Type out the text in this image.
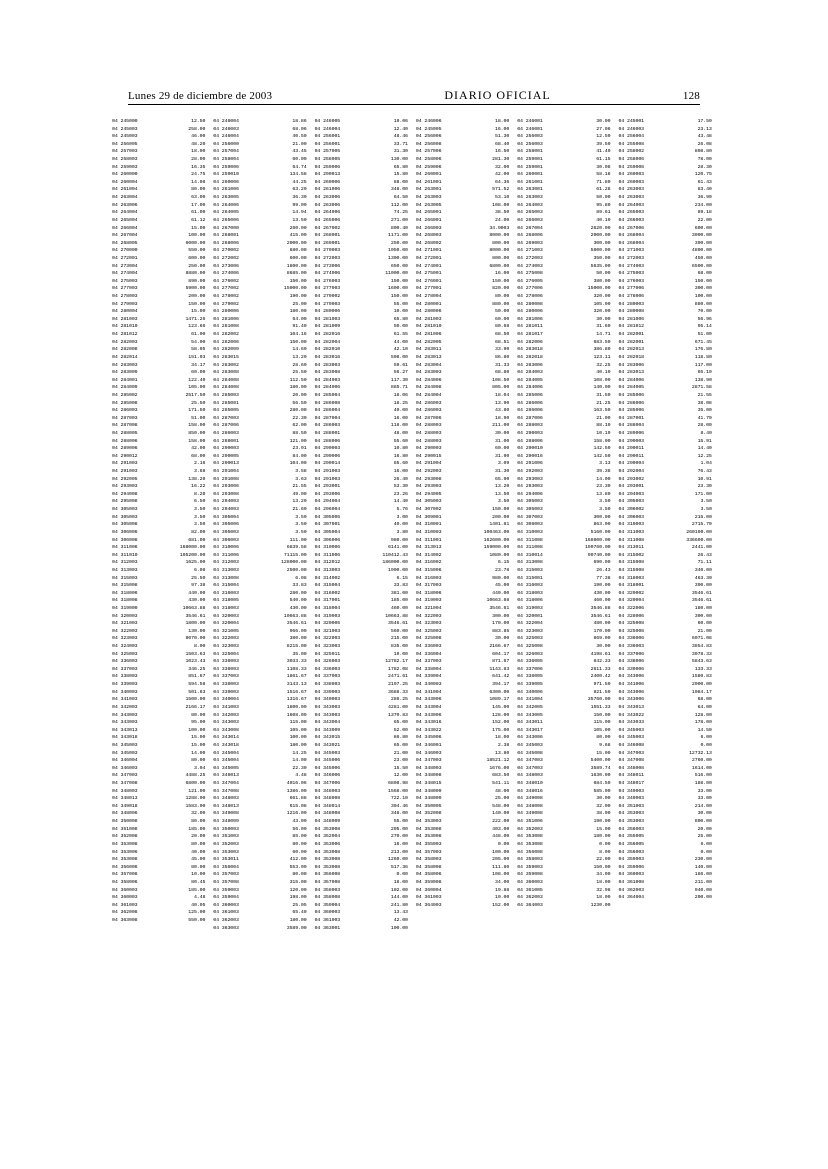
Lunes 29 de diciembre de 2003	DIARIO OFICIAL	128
04 245000	12.50
04 245003	258.00
04 245003	46.00
04 256005	48.20
04 257003	18.00
04 258003	28.00
04 259003	16.35
04 260000	24.75
04 260004	14.08
04 261004	80.00
04 263004	63.00
04 263006	17.00
04 264004	61.00
04 265004	61.12
04 266004	15.00
04 267004	100.00
04 268005	6000.00
04 270000	550.00
04 272001	600.00
04 273004	250.00
04 274004	8880.00
04 275003	890.00
04 277003	5900.00
04 278003	200.00
04 279003	150.00
04 280004	15.00
04 281003	1471.26
04 281010	123.66
04 281012	61.00
04 282003	54.00
04 282008	58.05
04 282014	151.03
04 283003	34.17
04 283009	60.00
04 284001	122.40
04 284009	105.00
04 285002	2517.50
04 285008	25.50
04 286003	171.50
04 287003	51.00
04 287008	158.00
04 288005	850.00
04 288006	158.00
04 289006	42.00
04 290012	68.00
04 291003	2.16
04 291003	3.68
04 292005	138.20
04 293003	16.22
04 294008	8.20
04 295008	6.50
04 305003	3.50
04 305003	3.50
04 305008	3.50
04 306006	82.00
04 306008	681.00
04 311006	168000.00
04 311010	105200.00
04 312003	1625.00
04 313003	6.08
04 315003	25.50
04 315008	97.38
04 318006	440.00
04 318008	430.00
04 319000	10663.88
04 320003	3546.61
04 321003	1800.00
04 322003	130.00
04 323003	8070.00
04 324003	8.00
04 325003	1503.63
04 336003	1023.43
04 337003	346.25
04 338003	851.67
04 339003	594.58
04 340003	501.63
04 341003	1500.00
04 342003	2166.17
04 343003	80.00
04 343003	95.00
04 343013	100.00
04 343018	15.00
04 345003	15.00
04 345003	14.00
04 346004	80.00
04 346003	3.04
04 347003	4488.25
04 347008	6800.00
04 348003	121.00
04 348013	1288.00
04 349018	1583.00
04 348006	32.00
04 350008	80.00
04 351008	185.00
04 352008	20.00
04 353008	80.00
04 353006	40.00
04 353008	45.00
04 356006	80.00
04 357008	10.00
04 358006	80.45
04 360003	185.00
04 360003	4.48
04 361003	40.05
04 362008	125.00
04 363008	550.00
04 246004	18.86
04 246003	68.06
04 246004	40.50
04 256000	21.00
04 257004	43.45
04 258004	60.00
04 259006	64.74
04 259010	134.58
04 260006	44.25
04 261006	63.20
04 263005	36.30
04 264006	99.00
04 264005	14.94
04 265006	13.50
04 267000	260.00
04 268001	415.00
04 268006	2000.00
04 270002	680.00
04 272002	600.00
04 273006	1800.00
04 274006	8685.00
04 276002	150.00
04 277002	15000.00
04 278002	190.00
04 279002	25.00
04 280006	180.00
04 281006	64.00
04 281008	91.40
04 282002	104.16
04 282006	150.00
04 282009	14.60
04 283015	13.20
04 283002	28.60
04 283008	25.50
04 284008	112.50
04 284008	180.00
04 285003	20.00
04 285001	56.50
04 285005	280.00
04 287003	22.30
04 287006	62.00
04 286003	88.50
04 288001	121.00
04 290003	23.91
04 290005	84.00
04 290013	104.00
04 291004	3.58
04 291008	3.63
04 293006	21.55
04 293008	49.00
04 294003	13.20
04 294003	21.60
04 305004	3.50
04 305006	3.50
04 305003	3.50
04 306003	111.00
04 310006	6839.58
04 311006	71115.00
04 312003	128000.00
04 313003	2500.00
04 313008	6.08
04 315004	33.83
04 316003	280.00
04 318005	540.00
04 318003	430.00
04 320003	10663.88
04 320004	3546.61
04 321005	966.00
04 322003	380.00
04 323003	8215.00
04 325004	35.00
04 336003	3033.33
04 336003	1108.33
04 337003	1861.67
04 338003	3143.13
04 339003	1516.67
04 340004	1316.67
04 341003	1800.00
04 342003	1608.09
04 343003	115.00
04 343008	105.00
04 343014	100.00
04 343018	180.00
04 345004	14.25
04 345004	14.00
04 345005	22.30
04 346013	4.48
04 347004	4016.06
04 347008	1386.00
04 348003	661.88
04 348013	615.08
04 349008	1216.00
04 348009	43.00
04 350003	56.00
04 351003	85.00
04 352003	80.00
04 353003	60.00
04 353011	412.00
04 356004	553.00
04 357003	80.00
04 357008	315.00
04 359003	120.00
04 359004	198.00
04 360003	25.05
04 361003	65.40
04 362003	180.00
04 363003	3589.00
04 246005	19.06
04 246004	12.40
04 256001	48.46
04 256001	33.71
04 257005	31.30
04 258005	130.00
04 259006	65.80
04 290013	15.80
04 260006	88.00
04 261006	348.00
04 263006	64.50
04 263006	112.00
04 264006	74.25
04 265006	271.00
04 267002	800.40
04 268001	1171.00
04 269001	250.00
04 270003	1050.00
04 272003	1300.00
04 273006	650.00
04 274006	11000.00
04 276003	150.00
04 277003	1600.00
04 279002	150.00
04 279003	55.00
04 280006	10.00
04 281003	65.80
04 281009	50.00
04 282016	61.55
04 282004	44.00
04 282010	42.10
04 283016	508.00
04 283003	59.61
04 283008	56.27
04 284003	117.30
04 284006	885.71
04 285004	18.06
04 286008	18.25
04 286004	40.00
04 287004	16.00
04 286003	118.00
04 288001	48.00
04 288006	55.60
04 290003	10.80
04 290006	16.80
04 290014	85.60
04 291003	16.00
04 291003	26.40
04 293001	53.30
04 293006	23.26
04 294004	14.40
04 296004	5.76
04 305005	3.00
04 307001	40.00
04 305004	3.80
04 306006	980.00
04 310006	6141.00
04 311006	110412.43
04 312012	186000.00
04 313003	1900.00
04 314002	6.15
04 315004	33.83
04 316002	381.00
04 317001	185.00
04 318004	460.00
04 319003	10663.88
04 320005	3546.61
04 321003	560.00
04 322003	215.00
04 323003	835.00
04 325011	19.00
04 326003	12782.17
04 336003	1782.08
04 337003	2471.61
04 338003	2197.25
04 339003	3688.33
04 340003	286.25
04 343003	4281.00
04 343003	1370.83
04 343004	65.00
04 343009	52.00
04 343015	86.80
04 343021	65.00
04 345003	21.00
04 345006	23.00
04 345006	15.50
04 346006	12.00
04 347006	6808.98
04 348003	1568.00
04 348008	722.10
04 348014	304.46
04 348008	348.00
04 348009	55.00
04 353008	205.00
04 352004	270.00
04 353006	16.00
04 353008	213.00
04 353008	1260.00
04 353008	517.36
04 356008	0.00
04 357008	18.00
04 358003	102.00
04 358008	144.00
04 359004	241.80
04 360003	13.43
04 361003	42.00
04 363001	100.00
04 246006	18.00
04 245005	16.00
04 256006	51.30
04 256008	68.40
04 257006	16.50
04 258006	281.30
04 259006	32.00
04 260001	42.00
04 261001	64.36
04 263001	571.52
04 263003	53.10
04 263005	108.00
04 265001	38.50
04 266001	24.00
04 266003	34.9003
04 268003	8000.00
04 268002	800.00
04 271001	8000.00
04 272001	800.00
04 274001	6800.00
04 275001	16.00
04 276001	150.00
04 277001	820.00
04 278004	80.00
04 280001	880.00
04 280006	50.00
04 281003	60.00
04 281010	80.68
04 281006	68.50
04 282005	68.51
04 283011	33.90
04 283013	86.80
04 283004	31.33
04 283003	68.80
04 284006	108.50
04 284008	805.00
04 284004	18.04
04 286003	13.90
04 286003	43.80
04 287006	18.90
04 288003	211.00
04 288003	30.00
04 288003	31.00
04 290003	60.00
04 290015	31.90
04 291004	3.09
04 292003	31.30
04 293008	65.90
04 293003	13.20
04 294005	13.50
04 305003	3.50
04 307002	150.00
04 309001	200.00
04 310001	1401.81
04 310003	100463.00
04 311001	162600.00
04 313013	159000.00
04 314002	1080.00
04 316002	6.15
04 315006	23.78
04 316003	980.00
04 317003	45.00
04 318006	440.00
04 319003	10663.88
04 321004	3546.61
04 322003	300.00
04 323003	170.00
04 325003	883.85
04 325008	30.00
04 336003	2166.67
04 336004	604.17
04 337003	871.67
04 338004	1143.83
04 339004	641.42
04 340003	394.17
04 341004	6300.00
04 343006	1089.17
04 343004	145.00
04 343006	128.00
04 343016	152.00
04 343022	175.00
04 345006	18.00
04 346001	2.38
04 346003	13.80
04 347003	18521.12
04 348003	1676.00
04 348008	683.50
04 348015	541.11
04 348009	48.00
04 348009	25.00
04 350005	548.00
04 352008	140.00
04 353003	222.00
04 353008	403.00
04 353008	448.00
04 355003	0.00
04 357003	100.00
04 358003	205.00
04 358008	111.80
04 358006	108.00
04 359008	34.00
04 360004	19.88
04 361003	10.00
04 364003	152.00
04 246001	30.00
04 246001	27.06
04 256003	12.50
04 256003	39.50
04 258001	41.40
04 259001	61.15
04 259001	30.08
04 260001	58.16
04 261001	71.80
04 263001	61.28
04 263003	50.00
04 264003	95.80
04 265003	89.61
04 266003	40.10
04 267004	2620.00
04 268006	2000.00
04 269003	300.00
04 271003	5800.00
04 272003	350.00
04 274003	5635.00
04 275008	50.00
04 276005	380.00
04 277006	15000.00
04 278006	320.00
04 280008	105.00
04 280006	320.00
04 281006	30.00
04 281011	31.60
04 281017	14.71
04 282006	683.50
04 283018	386.80
04 282018	123.11
04 283006	32.25
04 284003	40.10
04 284005	108.00
04 284006	140.00
04 285006	31.50
04 286006	21.25
04 286006	163.50
04 287006	21.00
04 288003	88.10
04 290003	10.19
04 288006	158.00
04 290010	142.50
04 290016	142.50
04 291006	3.13
04 292003	39.38
04 293003	14.00
04 293003	23.30
04 294006	13.80
04 305003	3.50
04 305003	3.50
04 307003	300.00
04 308003	863.00
04 310003	5160.00
04 311008	168800.00
04 311008	190760.00
04 310014	90740.00
04 313008	690.00
04 315003	26.43
04 315001	77.38
04 316003	190.00
04 318003	430.00
04 318006	460.00
04 319003	3546.88
04 320001	3546.61
04 322004	480.00
04 323003	170.00
04 325003	869.00
04 325008	30.00
04 326003	4198.61
04 336005	842.33
04 337006	2611.33
04 338005	2400.42
04 339005	971.50
04 340006	821.50
04 341004	35760.00
04 342005	1551.33
04 343005	150.00
04 343011	115.00
04 343017	105.00
04 343006	80.00
04 345003	9.68
04 345008	15.00
04 347003	5400.00
04 347003	3589.74
04 348003	1630.00
04 348010	684.50
04 348016	585.00
04 349008	30.00
04 348008	32.00
04 349008	38.00
04 351006	190.00
04 352003	15.00
04 353008	180.00
04 353008	0.00
04 356008	8.00
04 358003	22.00
04 359003	150.00
04 359008	34.00
04 360003	18.00
04 361005	32.98
04 362003	18.00
04 364003	1230.00
04 245001	17.50
04 246003	23.13
04 256004	43.48
04 255008	26.08
04 258002	808.80
04 258006	78.00
04 259008	28.30
04 260003	120.75
04 260003	61.43
04 263003	83.40
04 263003	36.90
04 264003	234.00
04 265003	89.18
04 266003	22.00
04 267006	600.00
04 268004	3000.00
04 268004	390.00
04 271003	4800.00
04 272003	450.00
04 274003	6500.00
04 275003	68.00
04 276003	150.00
04 277006	300.00
04 278006	100.00
04 280003	880.00
04 280008	70.00
04 281006	56.96
04 281012	95.14
04 282001	51.00
04 282001	671.45
04 282013	176.80
04 282018	118.80
04 283006	117.00
04 283013	65.19
04 284006	138.90
04 284005	2871.58
04 285006	21.55
04 286006	38.08
04 285006	35.00
04 287001	41.70
04 288004	28.00
04 289006	8.40
04 290003	15.91
04 290011	14.40
04 290011	12.25
04 290004	1.04
04 292004	76.43
04 293002	10.91
04 293001	23.30
04 294003	171.00
04 305003	3.50
04 306002	3.50
04 306003	215.00
04 310003	2715.70
04 311003	260100.00
04 311008	336600.00
04 313011	2441.00
04 315002	26.43
04 315008	71.11
04 315008	340.00
04 318003	463.30
04 318001	390.00
04 320002	3546.61
04 320004	3546.61
04 322006	180.00
04 328006	300.00
04 325008	60.00
04 325008	21.00
04 336006	6071.08
04 336003	3854.83
04 337006	3078.33
04 338006	5843.63
04 339006	133.33
04 343006	1580.83
04 341006	2000.00
04 343006	1084.17
04 343006	68.00
04 343013	64.00
04 343022	128.00
04 343033	178.00
04 345003	14.50
04 345003	6.00
04 346008	0.00
04 347003	12732.13
04 347008	2760.00
04 348008	1614.00
04 348011	516.00
04 348017	188.00
04 349003	33.00
04 349003	33.00
04 351003	214.00
04 353003	30.00
04 353003	800.00
04 356003	20.00
04 355005	25.00
04 356005	6.00
04 356003	0.00
04 359003	230.00
04 359006	140.00
04 360003	186.00
04 361008	211.00
04 362003	940.00
04 364004	200.00
